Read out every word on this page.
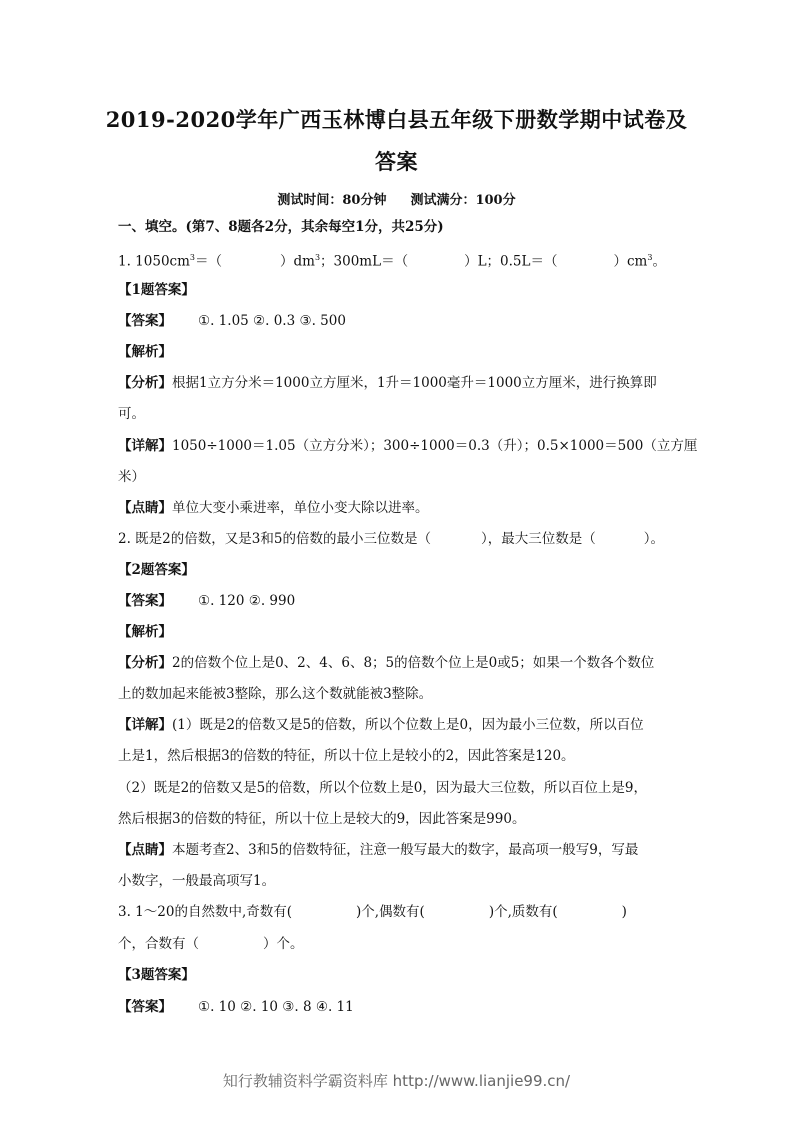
2019-2020学年广西玉林博白县五年级下册数学期中试卷及
答案
测试时间：80分钟 测试满分：100分
一、填空。(第7、8题各2分，其余每空1分，共25分)
1. $1050cm^3=$（	）$dm^3$；300mL＝（	）L；0.5L＝（	）$cm^3$。
【1题答案】
【答案】 ①. 1.05 ②. 0.3 ③. 500
【解析】
【分析】根据1立方分米＝1000立方厘米，1升＝1000毫升＝1000立方厘米，进行换算即
可。
【详解】1050÷1000＝1.05（立方分米）；300÷1000＝0.3（升）；0.5×1000＝500（立方厘
米）
【点睛】单位大变小乘进率，单位小变大除以进率。
2. 既是2的倍数，又是3和5的倍数的最小三位数是（	），最大三位数是（	）。
【2题答案】
【答案】 ①. 120 ②. 990
【解析】
【分析】2的倍数个位上是0、2、4、6、8；5的倍数个位上是0或5；如果一个数各个数位
上的数加起来能被3整除，那么这个数就能被3整除。
【详解】(1）既是2的倍数又是5的倍数，所以个位数上是0，因为最小三位数，所以百位
上是1，然后根据3的倍数的特征，所以十位上是较小的2，因此答案是120。
（2）既是2的倍数又是5的倍数，所以个位数上是0，因为最大三位数，所以百位上是9，
然后根据3的倍数的特征，所以十位上是较大的9，因此答案是990。
【点睛】本题考查2、3和5的倍数特征，注意一般写最大的数字，最高项一般写9，写最
小数字，一般最高项写1。
3. 1～20的自然数中,奇数有(	)个,偶数有(	)个,质数有(	)
个，合数有（	）个。
【3题答案】
【答案】 ①. 10 ②. 10 ③. 8 ④. 11
知行教辅资料学霸资料库 http://www.lianjie99.cn/
